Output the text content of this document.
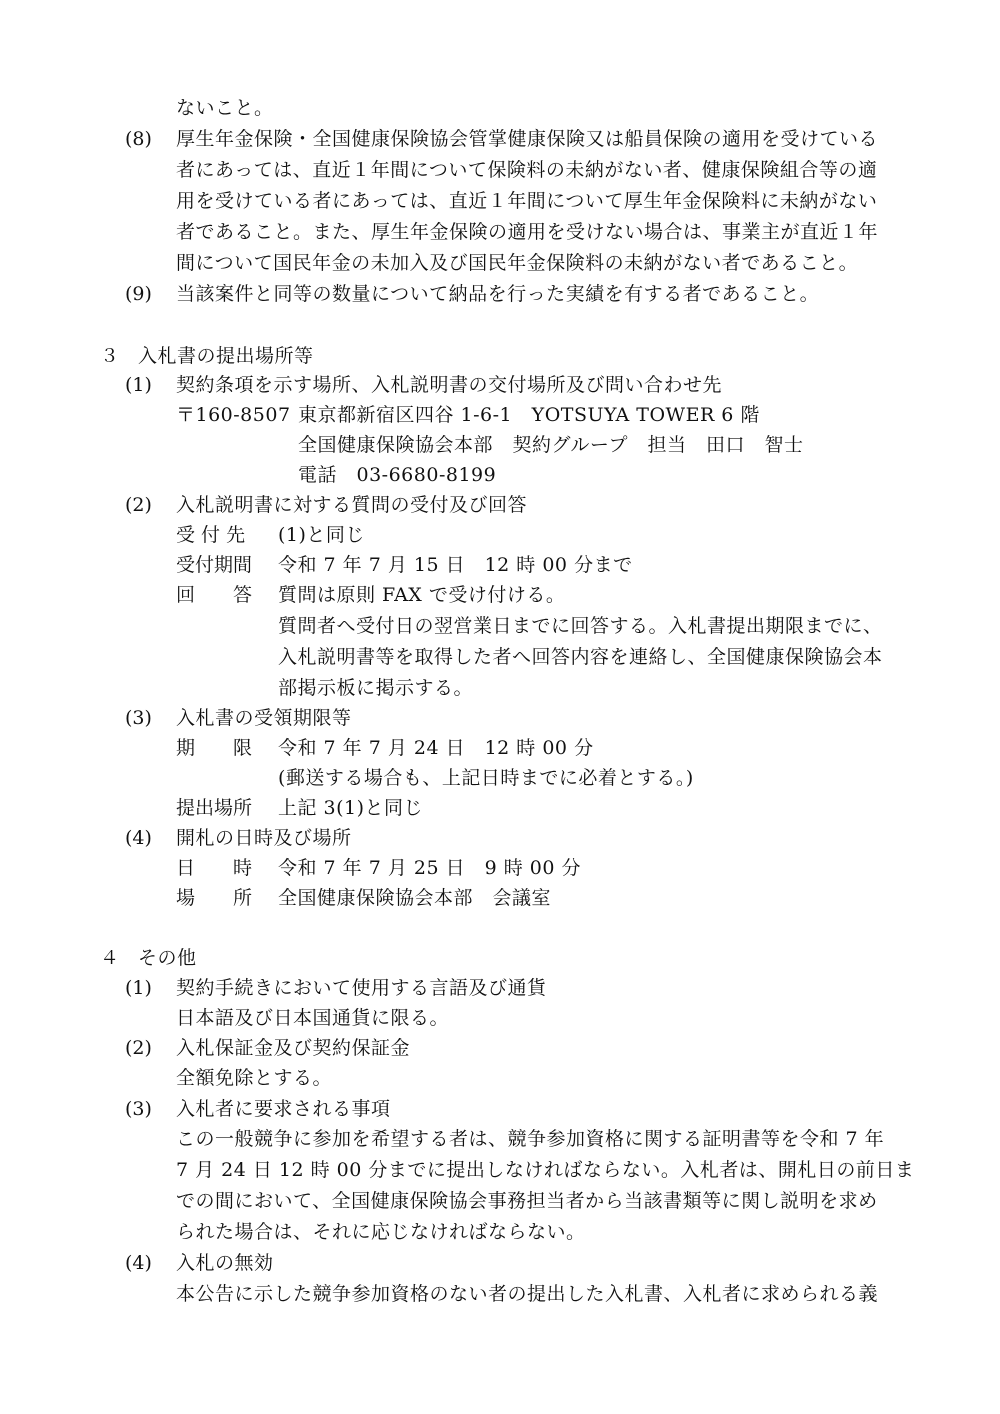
ないこと。
(8) 厚生年金保険・全国健康保険協会管掌健康保険又は船員保険の適用を受けている
者にあっては、直近１年間について保険料の未納がない者、健康保険組合等の適
用を受けている者にあっては、直近１年間について厚生年金保険料に未納がない
者であること。また、厚生年金保険の適用を受けない場合は、事業主が直近１年
間について国民年金の未加入及び国民年金保険料の未納がない者であること。
(9) 当該案件と同等の数量について納品を行った実績を有する者であること。
３ 入札書の提出場所等
(1) 契約条項を示す場所、入札説明書の交付場所及び問い合わせ先
〒160-8507 東京都新宿区四谷 1-6-1　YOTSUYA TOWER 6 階
全国健康保険協会本部　契約グループ　担当　田口　智士
電話　03-6680-8199
(2) 入札説明書に対する質問の受付及び回答
受 付 先 (1)と同じ
受付期間 令和 7 年 7 月 15 日　12 時 00 分まで
回　　答 質問は原則 FAX で受け付ける。
質問者へ受付日の翌営業日までに回答する。入札書提出期限までに、
入札説明書等を取得した者へ回答内容を連絡し、全国健康保険協会本
部掲示板に掲示する。
(3) 入札書の受領期限等
期　　限 令和 7 年 7 月 24 日　12 時 00 分
(郵送する場合も、上記日時までに必着とする。)
提出場所 上記 3(1)と同じ
(4) 開札の日時及び場所
日　　時 令和 7 年 7 月 25 日　9 時 00 分
場　　所 全国健康保険協会本部　会議室
４ その他
(1) 契約手続きにおいて使用する言語及び通貨
日本語及び日本国通貨に限る。
(2) 入札保証金及び契約保証金
全額免除とする。
(3) 入札者に要求される事項
この一般競争に参加を希望する者は、競争参加資格に関する証明書等を令和 7 年
7 月 24 日 12 時 00 分までに提出しなければならない。入札者は、開札日の前日ま
での間において、全国健康保険協会事務担当者から当該書類等に関し説明を求め
られた場合は、それに応じなければならない。
(4) 入札の無効
本公告に示した競争参加資格のない者の提出した入札書、入札者に求められる義
